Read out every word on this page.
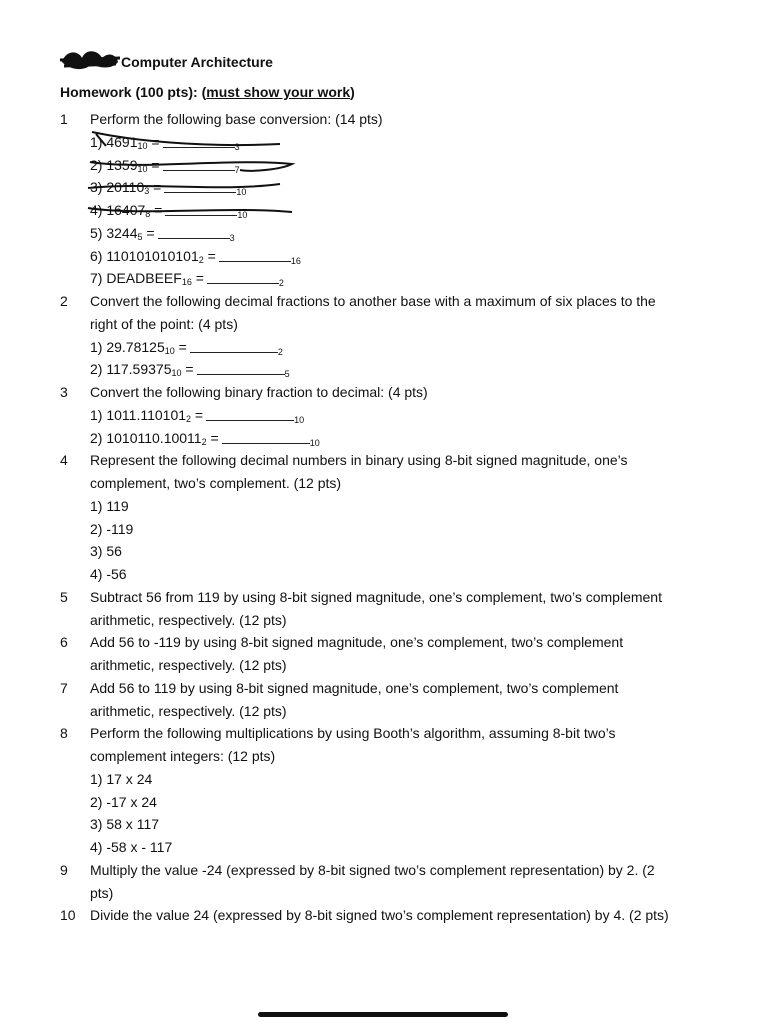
Computer Architecture
Homework (100 pts): (must show your work)
1	Perform the following base conversion: (14 pts)
1) $4691_{10}$ =	$_3$
2) $1359_{10}$ =	$_7$
3) $20110_3$ =	$_{10}$
4) $16407_8$ =	$_{10}$
5) $3244_5$ =	$_3$
6) $110101010101_2$ =	$_{16}$
7) $DEADBEEF_{16}$ =	$_2$
2	Convert the following decimal fractions to another base with a maximum of six places to the
right of the point: (4 pts)
1) $29.78125_{10}$ =	$_2$
2) $117.59375_{10}$ =	$_5$
3	Convert the following binary fraction to decimal: (4 pts)
1) $1011.110101_2$ =	$_{10}$
2) $1010110.10011_2$ =	$_{10}$
4	Represent the following decimal numbers in binary using 8-bit signed magnitude, one’s
complement, two’s complement. (12 pts)
1) 119
2) -119
3) 56
4) -56
5	Subtract 56 from 119 by using 8-bit signed magnitude, one’s complement, two’s complement
arithmetic, respectively. (12 pts)
6	Add 56 to -119 by using 8-bit signed magnitude, one’s complement, two’s complement
arithmetic, respectively. (12 pts)
7	Add 56 to 119 by using 8-bit signed magnitude, one’s complement, two’s complement
arithmetic, respectively. (12 pts)
8	Perform the following multiplications by using Booth’s algorithm, assuming 8-bit two’s
complement integers: (12 pts)
1) 17 x 24
2) -17 x 24
3) 58 x 117
4) -58 x - 117
9	Multiply the value -24 (expressed by 8-bit signed two’s complement representation) by 2. (2
pts)
10	Divide the value 24 (expressed by 8-bit signed two’s complement representation) by 4. (2 pts)
